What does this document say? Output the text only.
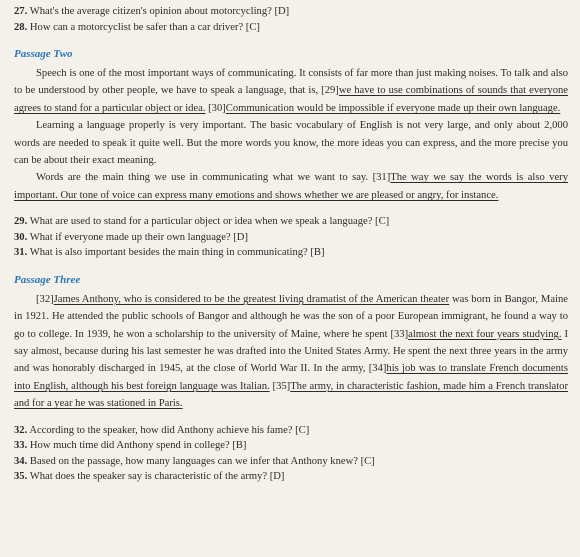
27. What's the average citizen's opinion about motorcycling? [D]

28. How can a motorcyclist be safer than a car driver? [C]

Passage Two

Speech is one of the most important ways of communicating. It consists of far more than just making noises. To talk and also to be understood by other people, we have to speak a language, that is, [29]we have to use combinations of sounds that everyone agrees to stand for a particular object or idea. [30]Communication would be impossible if everyone made up their own language.

Learning a language properly is very important. The basic vocabulary of English is not very large, and only about 2,000 words are needed to speak it quite well. But the more words you know, the more ideas you can express, and the more precise you can be about their exact meaning.

Words are the main thing we use in communicating what we want to say. [31]The way we say the words is also very important. Our tone of voice can express many emotions and shows whether we are pleased or angry, for instance.

29. What are used to stand for a particular object or idea when we speak a language? [C]

30. What if everyone made up their own language? [D]

31. What is also important besides the main thing in communicating? [B]

Passage Three

[32]James Anthony, who is considered to be the greatest living dramatist of the American theater was born in Bangor, Maine in 1921. He attended the public schools of Bangor and although he was the son of a poor European immigrant, he found a way to go to college. In 1939, he won a scholarship to the university of Maine, where he spent [33]almost the next four years studying. I say almost, because during his last semester he was drafted into the United States Army. He spent the next three years in the army and was honorably discharged in 1945, at the close of World War II. In the army, [34]his job was to translate French documents into English, although his best foreign language was Italian. [35]The army, in characteristic fashion, made him a French translator and for a year he was stationed in Paris.

32. According to the speaker, how did Anthony achieve his fame? [C]

33. How much time did Anthony spend in college? [B]

34. Based on the passage, how many languages can we infer that Anthony knew? [C]

35. What does the speaker say is characteristic of the army? [D]
